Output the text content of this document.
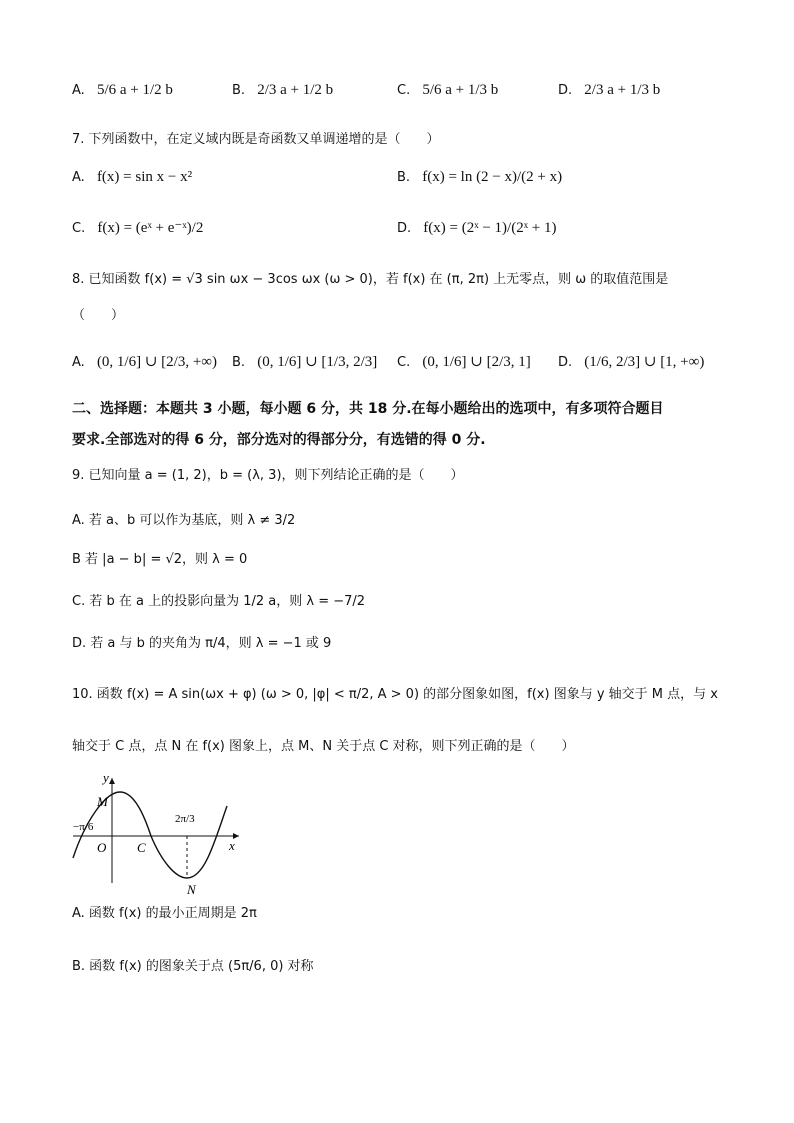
A. 5/6 a + 1/2 b	B. 2/3 a + 1/2 b	C. 5/6 a + 1/3 b	D. 2/3 a + 1/3 b
7. 下列函数中，在定义域内既是奇函数又单调递增的是（　　）
A. f(x) = sin x − x²	B. f(x) = ln (2 − x)/(2 + x)
C. f(x) = (eˣ + e⁻ˣ)/2	D. f(x) = (2ˣ − 1)/(2ˣ + 1)
8. 已知函数 f(x) = √3 sin ωx − 3cos ωx (ω > 0)，若 f(x) 在 (π, 2π) 上无零点，则 ω 的取值范围是
（　　）
A. (0, 1/6] ∪ [2/3, +∞) B. (0, 1/6] ∪ [1/3, 2/3] C. (0, 1/6] ∪ [2/3, 1] D. (1/6, 2/3] ∪ [1, +∞)
二、选择题：本题共 3 小题，每小题 6 分，共 18 分.在每小题给出的选项中，有多项符合题目
要求.全部选对的得 6 分，部分选对的得部分分，有选错的得 0 分.
9. 已知向量 a = (1, 2)，b = (λ, 3)，则下列结论正确的是（　　）
A. 若 a、b 可以作为基底，则 λ ≠ 3/2
B 若 |a − b| = √2，则 λ = 0
C. 若 b 在 a 上的投影向量为 1/2 a，则 λ = −7/2
D. 若 a 与 b 的夹角为 π/4，则 λ = −1 或 9
10. 函数 f(x) = A sin(ωx + φ) (ω > 0, |φ| < π/2, A > 0) 的部分图象如图，f(x) 图象与 y 轴交于 M 点，与 x
轴交于 C 点，点 N 在 f(x) 图象上，点 M、N 关于点 C 对称，则下列正确的是（　　）
y
x
O
M
C
N
−π/6
2π/3
A. 函数 f(x) 的最小正周期是 2π
B. 函数 f(x) 的图象关于点 (5π/6, 0) 对称
